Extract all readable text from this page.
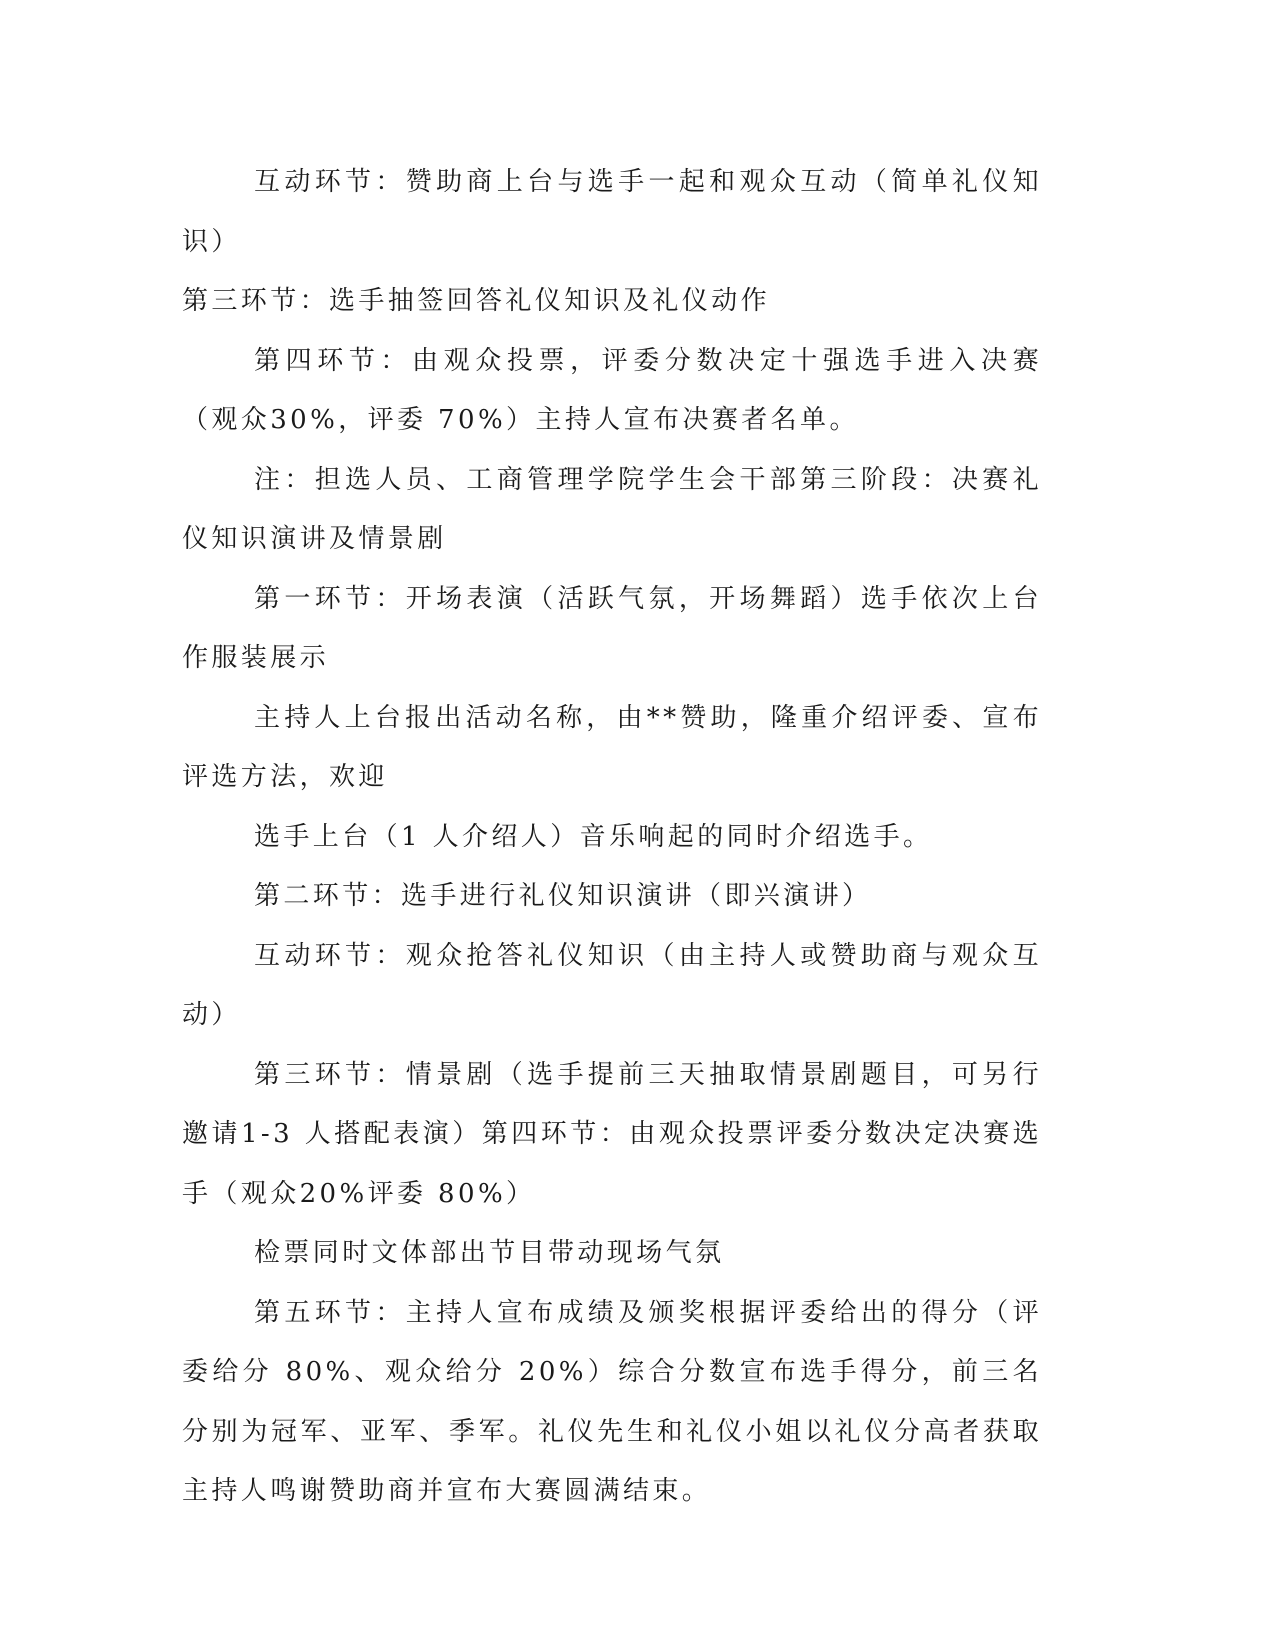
互动环节：赞助商上台与选手一起和观众互动（简单礼仪知识）

第三环节：选手抽签回答礼仪知识及礼仪动作

第四环节：由观众投票，评委分数决定十强选手进入决赛（观众30%，评委 70%）主持人宣布决赛者名单。

注：担选人员、工商管理学院学生会干部第三阶段：决赛礼仪知识演讲及情景剧

第一环节：开场表演（活跃气氛，开场舞蹈）选手依次上台作服装展示

主持人上台报出活动名称，由**赞助，隆重介绍评委、宣布评选方法，欢迎

选手上台（1 人介绍人）音乐响起的同时介绍选手。

第二环节：选手进行礼仪知识演讲（即兴演讲）

互动环节：观众抢答礼仪知识（由主持人或赞助商与观众互动）

第三环节：情景剧（选手提前三天抽取情景剧题目，可另行邀请1-3 人搭配表演）第四环节：由观众投票评委分数决定决赛选手（观众20%评委 80%）

检票同时文体部出节目带动现场气氛

第五环节：主持人宣布成绩及颁奖根据评委给出的得分（评委给分 80%、观众给分 20%）综合分数宣布选手得分，前三名分别为冠军、亚军、季军。礼仪先生和礼仪小姐以礼仪分高者获取主持人鸣谢赞助商并宣布大赛圆满结束。
